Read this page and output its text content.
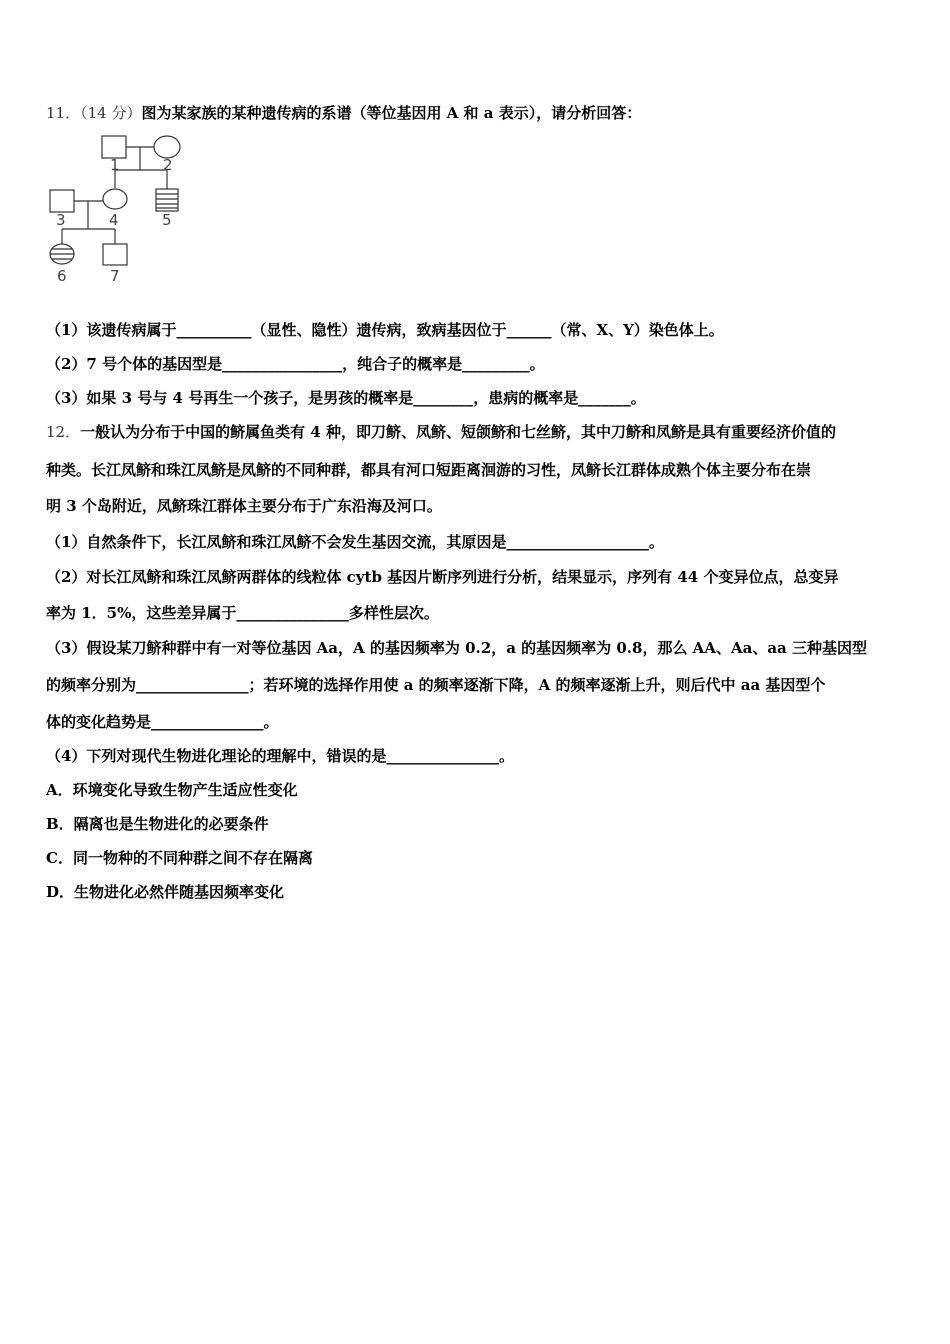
11．（14 分）图为某家族的某种遗传病的系谱（等位基因用 A 和 a 表示），请分析回答：
1	2
3	4	5
6	7
（1）该遗传病属于__________（显性、隐性）遗传病，致病基因位于______（常、X、Y）染色体上。
（2）7 号个体的基因型是________________，纯合子的概率是_________。
（3）如果 3 号与 4 号再生一个孩子，是男孩的概率是________，患病的概率是_______。
12．一般认为分布于中国的鲚属鱼类有 4 种，即刀鲚、凤鲚、短颌鲚和七丝鲚，其中刀鲚和凤鲚是具有重要经济价值的
种类。长江凤鲚和珠江凤鲚是凤鲚的不同种群，都具有河口短距离洄游的习性，凤鲚长江群体成熟个体主要分布在崇
明 3 个岛附近，凤鲚珠江群体主要分布于广东沿海及河口。
（1）自然条件下，长江凤鲚和珠江凤鲚不会发生基因交流，其原因是___________________。
（2）对长江凤鲚和珠江凤鲚两群体的线粒体 cytb 基因片断序列进行分析，结果显示，序列有 44 个变异位点，总变异
率为 1．5%，这些差异属于_______________多样性层次。
（3）假设某刀鲚种群中有一对等位基因 Aa，A 的基因频率为 0.2，a 的基因频率为 0.8，那么 AA、Aa、aa 三种基因型
的频率分别为_______________；若环境的选择作用使 a 的频率逐渐下降，A 的频率逐渐上升，则后代中 aa 基因型个
体的变化趋势是_______________。
（4）下列对现代生物进化理论的理解中，错误的是_______________。
A．环境变化导致生物产生适应性变化
B．隔离也是生物进化的必要条件
C．同一物种的不同种群之间不存在隔离
D．生物进化必然伴随基因频率变化
